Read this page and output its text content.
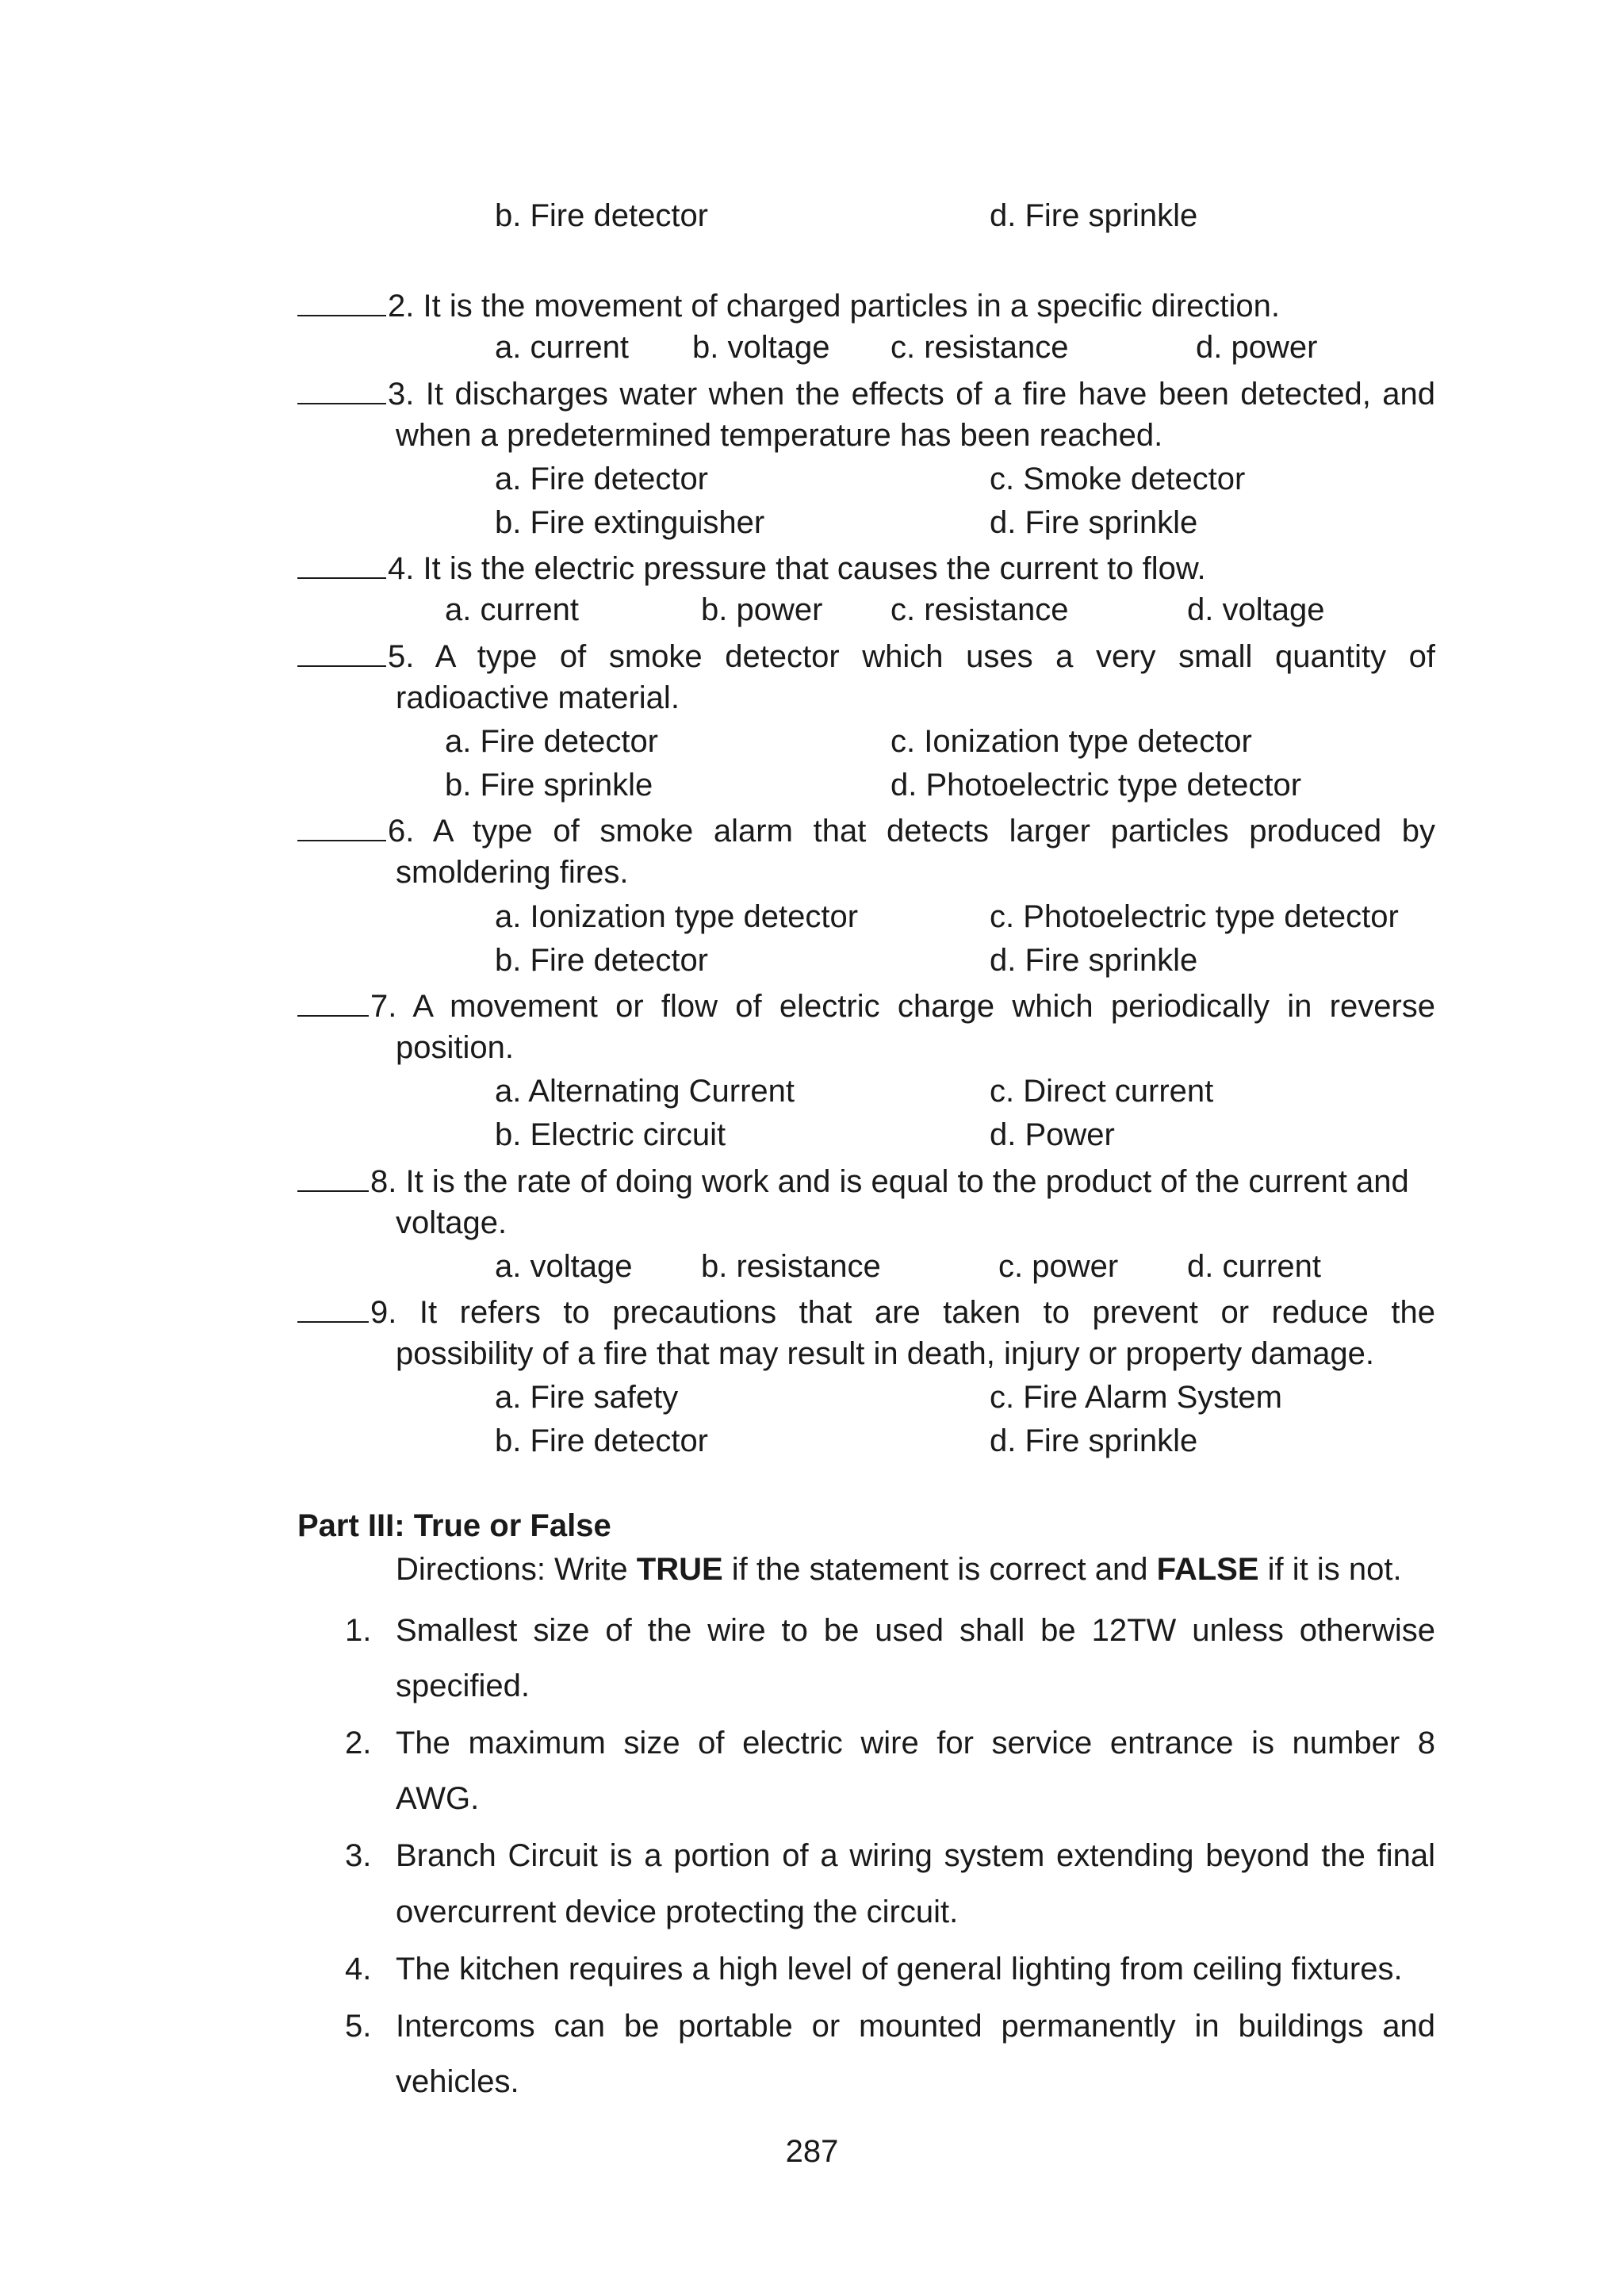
b. Fire detector	d. Fire sprinkle
2. It is the movement of charged particles in a specific direction.
a. current b. voltage c. resistance	d. power
3. It discharges water when the effects of a fire have been detected, and
when a predetermined temperature has been reached.
a. Fire detector	c. Smoke detector
b. Fire extinguisher	d. Fire sprinkle
4. It is the electric pressure that causes the current to flow.
a. current	b. power c. resistance	d. voltage
5. A type of smoke detector which uses a very small quantity of
radioactive material.
a. Fire detector	c. Ionization type detector
b. Fire sprinkle	d. Photoelectric type detector
6. A type of smoke alarm that detects larger particles produced by
smoldering fires.
a. Ionization type detector	c. Photoelectric type detector
b. Fire detector	d. Fire sprinkle
7. A movement or flow of electric charge which periodically in reverse
position.
a. Alternating Current	c. Direct current
b. Electric circuit	d. Power
8. It is the rate of doing work and is equal to the product of the current and
voltage.
a. voltage b. resistance	c. power d. current
9. It refers to precautions that are taken to prevent or reduce the
possibility of a fire that may result in death, injury or property damage.
a. Fire safety	c. Fire Alarm System
b. Fire detector	d. Fire sprinkle
Part III: True or False
Directions: Write TRUE if the statement is correct and FALSE if it is not.
1. Smallest size of the wire to be used shall be 12TW unless otherwise
specified.
2. The maximum size of electric wire for service entrance is number 8
AWG.
3. Branch Circuit is a portion of a wiring system extending beyond the final
overcurrent device protecting the circuit.
4. The kitchen requires a high level of general lighting from ceiling fixtures.
5. Intercoms can be portable or mounted permanently in buildings and
vehicles.
287
